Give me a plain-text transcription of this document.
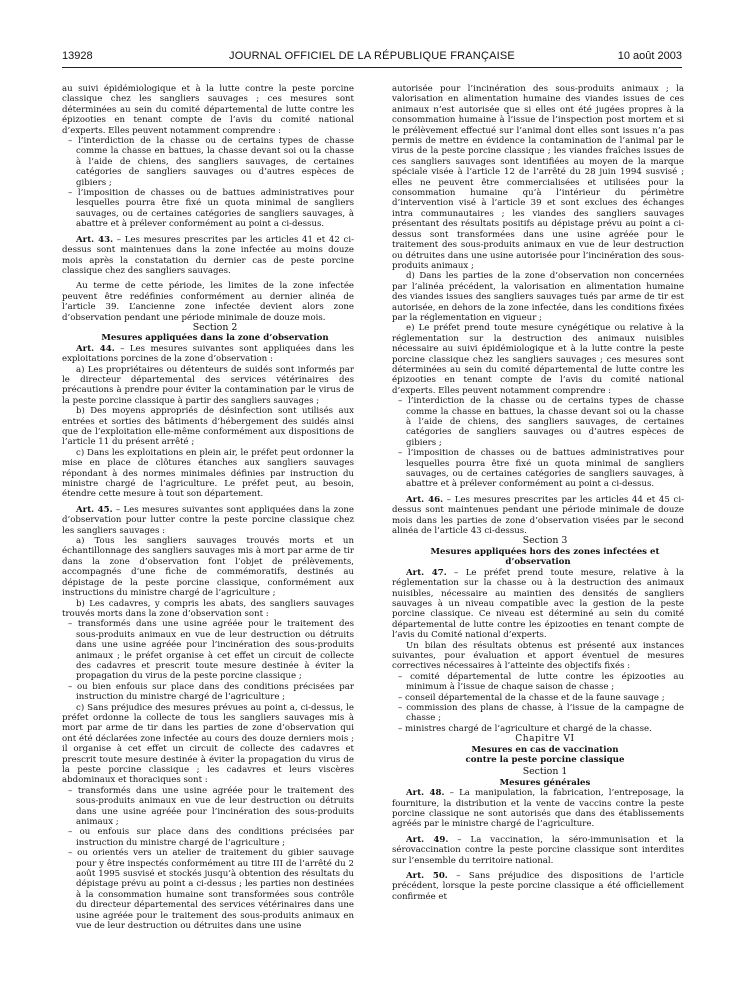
13928	JOURNAL OFFICIEL DE LA RÉPUBLIQUE FRANÇAISE	10 août 2003

au suivi épidémiologique et à la lutte contre la peste porcine classique chez les sangliers sauvages ; ces mesures sont déterminées au sein du comité départemental de lutte contre les épizooties en tenant compte de l’avis du comité national d’experts. Elles peuvent notamment comprendre :

– l’interdiction de la chasse ou de certains types de chasse comme la chasse en battues, la chasse devant soi ou la chasse à l’aide de chiens, des sangliers sauvages, de certaines catégories de sangliers sauvages ou d’autres espèces de gibiers ;
– l’imposition de chasses ou de battues administratives pour lesquelles pourra être fixé un quota minimal de sangliers sauvages, ou de certaines catégories de sangliers sauvages, à abattre et à prélever conformément au point a ci-dessus.

Art. 43. – Les mesures prescrites par les articles 41 et 42 ci-dessus sont maintenues dans la zone infectée au moins douze mois après la constatation du dernier cas de peste porcine classique chez des sangliers sauvages.

Au terme de cette période, les limites de la zone infectée peuvent être redéfinies conformément au dernier alinéa de l’article 39. L’ancienne zone infectée devient alors zone d’observation pendant une période minimale de douze mois.

Section 2

Mesures appliquées dans la zone d’observation

Art. 44. – Les mesures suivantes sont appliquées dans les exploitations porcines de la zone d’observation :

a) Les propriétaires ou détenteurs de suidés sont informés par le directeur départemental des services vétérinaires des précautions à prendre pour éviter la contamination par le virus de la peste porcine classique à partir des sangliers sauvages ;

b) Des moyens appropriés de désinfection sont utilisés aux entrées et sorties des bâtiments d’hébergement des suidés ainsi que de l’exploitation elle-même conformément aux dispositions de l’article 11 du présent arrêté ;

c) Dans les exploitations en plein air, le préfet peut ordonner la mise en place de clôtures étanches aux sangliers sauvages répondant à des normes minimales définies par instruction du ministre chargé de l’agriculture. Le préfet peut, au besoin, étendre cette mesure à tout son département.

Art. 45. – Les mesures suivantes sont appliquées dans la zone d’observation pour lutter contre la peste porcine classique chez les sangliers sauvages :

a) Tous les sangliers sauvages trouvés morts et un échantillonnage des sangliers sauvages mis à mort par arme de tir dans la zone d’observation font l’objet de prélèvements, accompagnés d’une fiche de commémoratifs, destinés au dépistage de la peste porcine classique, conformément aux instructions du ministre chargé de l’agriculture ;

b) Les cadavres, y compris les abats, des sangliers sauvages trouvés morts dans la zone d’observation sont :

– transformés dans une usine agréée pour le traitement des sous-produits animaux en vue de leur destruction ou détruits dans une usine agréée pour l’incinération des sous-produits animaux ; le préfet organise à cet effet un circuit de collecte des cadavres et prescrit toute mesure destinée à éviter la propagation du virus de la peste porcine classique ;
– ou bien enfouis sur place dans des conditions précisées par instruction du ministre chargé de l’agriculture ;

c) Sans préjudice des mesures prévues au point a, ci-dessus, le préfet ordonne la collecte de tous les sangliers sauvages mis à mort par arme de tir dans les parties de zone d’observation qui ont été déclarées zone infectée au cours des douze derniers mois ; il organise à cet effet un circuit de collecte des cadavres et prescrit toute mesure destinée à éviter la propagation du virus de la peste porcine classique ; les cadavres et leurs viscères abdominaux et thoraciques sont :

– transformés dans une usine agréée pour le traitement des sous-produits animaux en vue de leur destruction ou détruits dans une usine agréée pour l’incinération des sous-produits animaux ;
– ou enfouis sur place dans des conditions précisées par instruction du ministre chargé de l’agriculture ;
– ou orientés vers un atelier de traitement du gibier sauvage pour y être inspectés conformément au titre III de l’arrêté du 2 août 1995 susvisé et stockés jusqu’à obtention des résultats du dépistage prévu au point a ci-dessus ; les parties non destinées à la consommation humaine sont transformées sous contrôle du directeur départemental des services vétérinaires dans une usine agréée pour le traitement des sous-produits animaux en vue de leur destruction ou détruites dans une usine

autorisée pour l’incinération des sous-produits animaux ; la valorisation en alimentation humaine des viandes issues de ces animaux n’est autorisée que si elles ont été jugées propres à la consommation humaine à l’issue de l’inspection post mortem et si le prélèvement effectué sur l’animal dont elles sont issues n’a pas permis de mettre en évidence la contamination de l’animal par le virus de la peste porcine classique ; les viandes fraîches issues de ces sangliers sauvages sont identifiées au moyen de la marque spéciale visée à l’article 12 de l’arrêté du 28 juin 1994 susvisé ; elles ne peuvent être commercialisées et utilisées pour la consommation humaine qu’à l’intérieur du périmètre d’intervention visé à l’article 39 et sont exclues des échanges intra communautaires ; les viandes des sangliers sauvages présentant des résultats positifs au dépistage prévu au point a ci-dessus sont transformées dans une usine agréée pour le traitement des sous-produits animaux en vue de leur destruction ou détruites dans une usine autorisée pour l’incinération des sous-produits animaux ;

d) Dans les parties de la zone d’observation non concernées par l’alinéa précédent, la valorisation en alimentation humaine des viandes issues des sangliers sauvages tués par arme de tir est autorisée, en dehors de la zone infectée, dans les conditions fixées par la réglementation en vigueur ;

e) Le préfet prend toute mesure cynégétique ou relative à la réglementation sur la destruction des animaux nuisibles nécessaire au suivi épidémiologique et à la lutte contre la peste porcine classique chez les sangliers sauvages ; ces mesures sont déterminées au sein du comité départemental de lutte contre les épizooties en tenant compte de l’avis du comité national d’experts. Elles peuvent notamment comprendre :

– l’interdiction de la chasse ou de certains types de chasse comme la chasse en battues, la chasse devant soi ou la chasse à l’aide de chiens, des sangliers sauvages, de certaines catégories de sangliers sauvages ou d’autres espèces de gibiers ;
– l’imposition de chasses ou de battues administratives pour lesquelles pourra être fixé un quota minimal de sangliers sauvages, ou de certaines catégories de sangliers sauvages, à abattre et à prélever conformément au point a ci-dessus.

Art. 46. – Les mesures prescrites par les articles 44 et 45 ci-dessus sont maintenues pendant une période minimale de douze mois dans les parties de zone d’observation visées par le second alinéa de l’article 43 ci-dessus.

Section 3

Mesures appliquées hors des zones infectées et d’observation

Art. 47. – Le préfet prend toute mesure, relative à la réglementation sur la chasse ou à la destruction des animaux nuisibles, nécessaire au maintien des densités de sangliers sauvages à un niveau compatible avec la gestion de la peste porcine classique. Ce niveau est déterminé au sein du comité départemental de lutte contre les épizooties en tenant compte de l’avis du Comité national d’experts.

Un bilan des résultats obtenus est présenté aux instances suivantes, pour évaluation et apport éventuel de mesures correctives nécessaires à l’atteinte des objectifs fixés :

– comité départemental de lutte contre les épizooties au minimum à l’issue de chaque saison de chasse ;
– conseil départemental de la chasse et de la faune sauvage ;
– commission des plans de chasse, à l’issue de la campagne de chasse ;
– ministres chargé de l’agriculture et chargé de la chasse.

Chapitre VI

Mesures en cas de vaccination

contre la peste porcine classique

Section 1

Mesures générales

Art. 48. – La manipulation, la fabrication, l’entreposage, la fourniture, la distribution et la vente de vaccins contre la peste porcine classique ne sont autorisés que dans des établissements agréés par le ministre chargé de l’agriculture.

Art. 49. – La vaccination, la séro-immunisation et la sérovaccination contre la peste porcine classique sont interdites sur l’ensemble du territoire national.

Art. 50. – Sans préjudice des dispositions de l’article précédent, lorsque la peste porcine classique a été officiellement confirmée et
